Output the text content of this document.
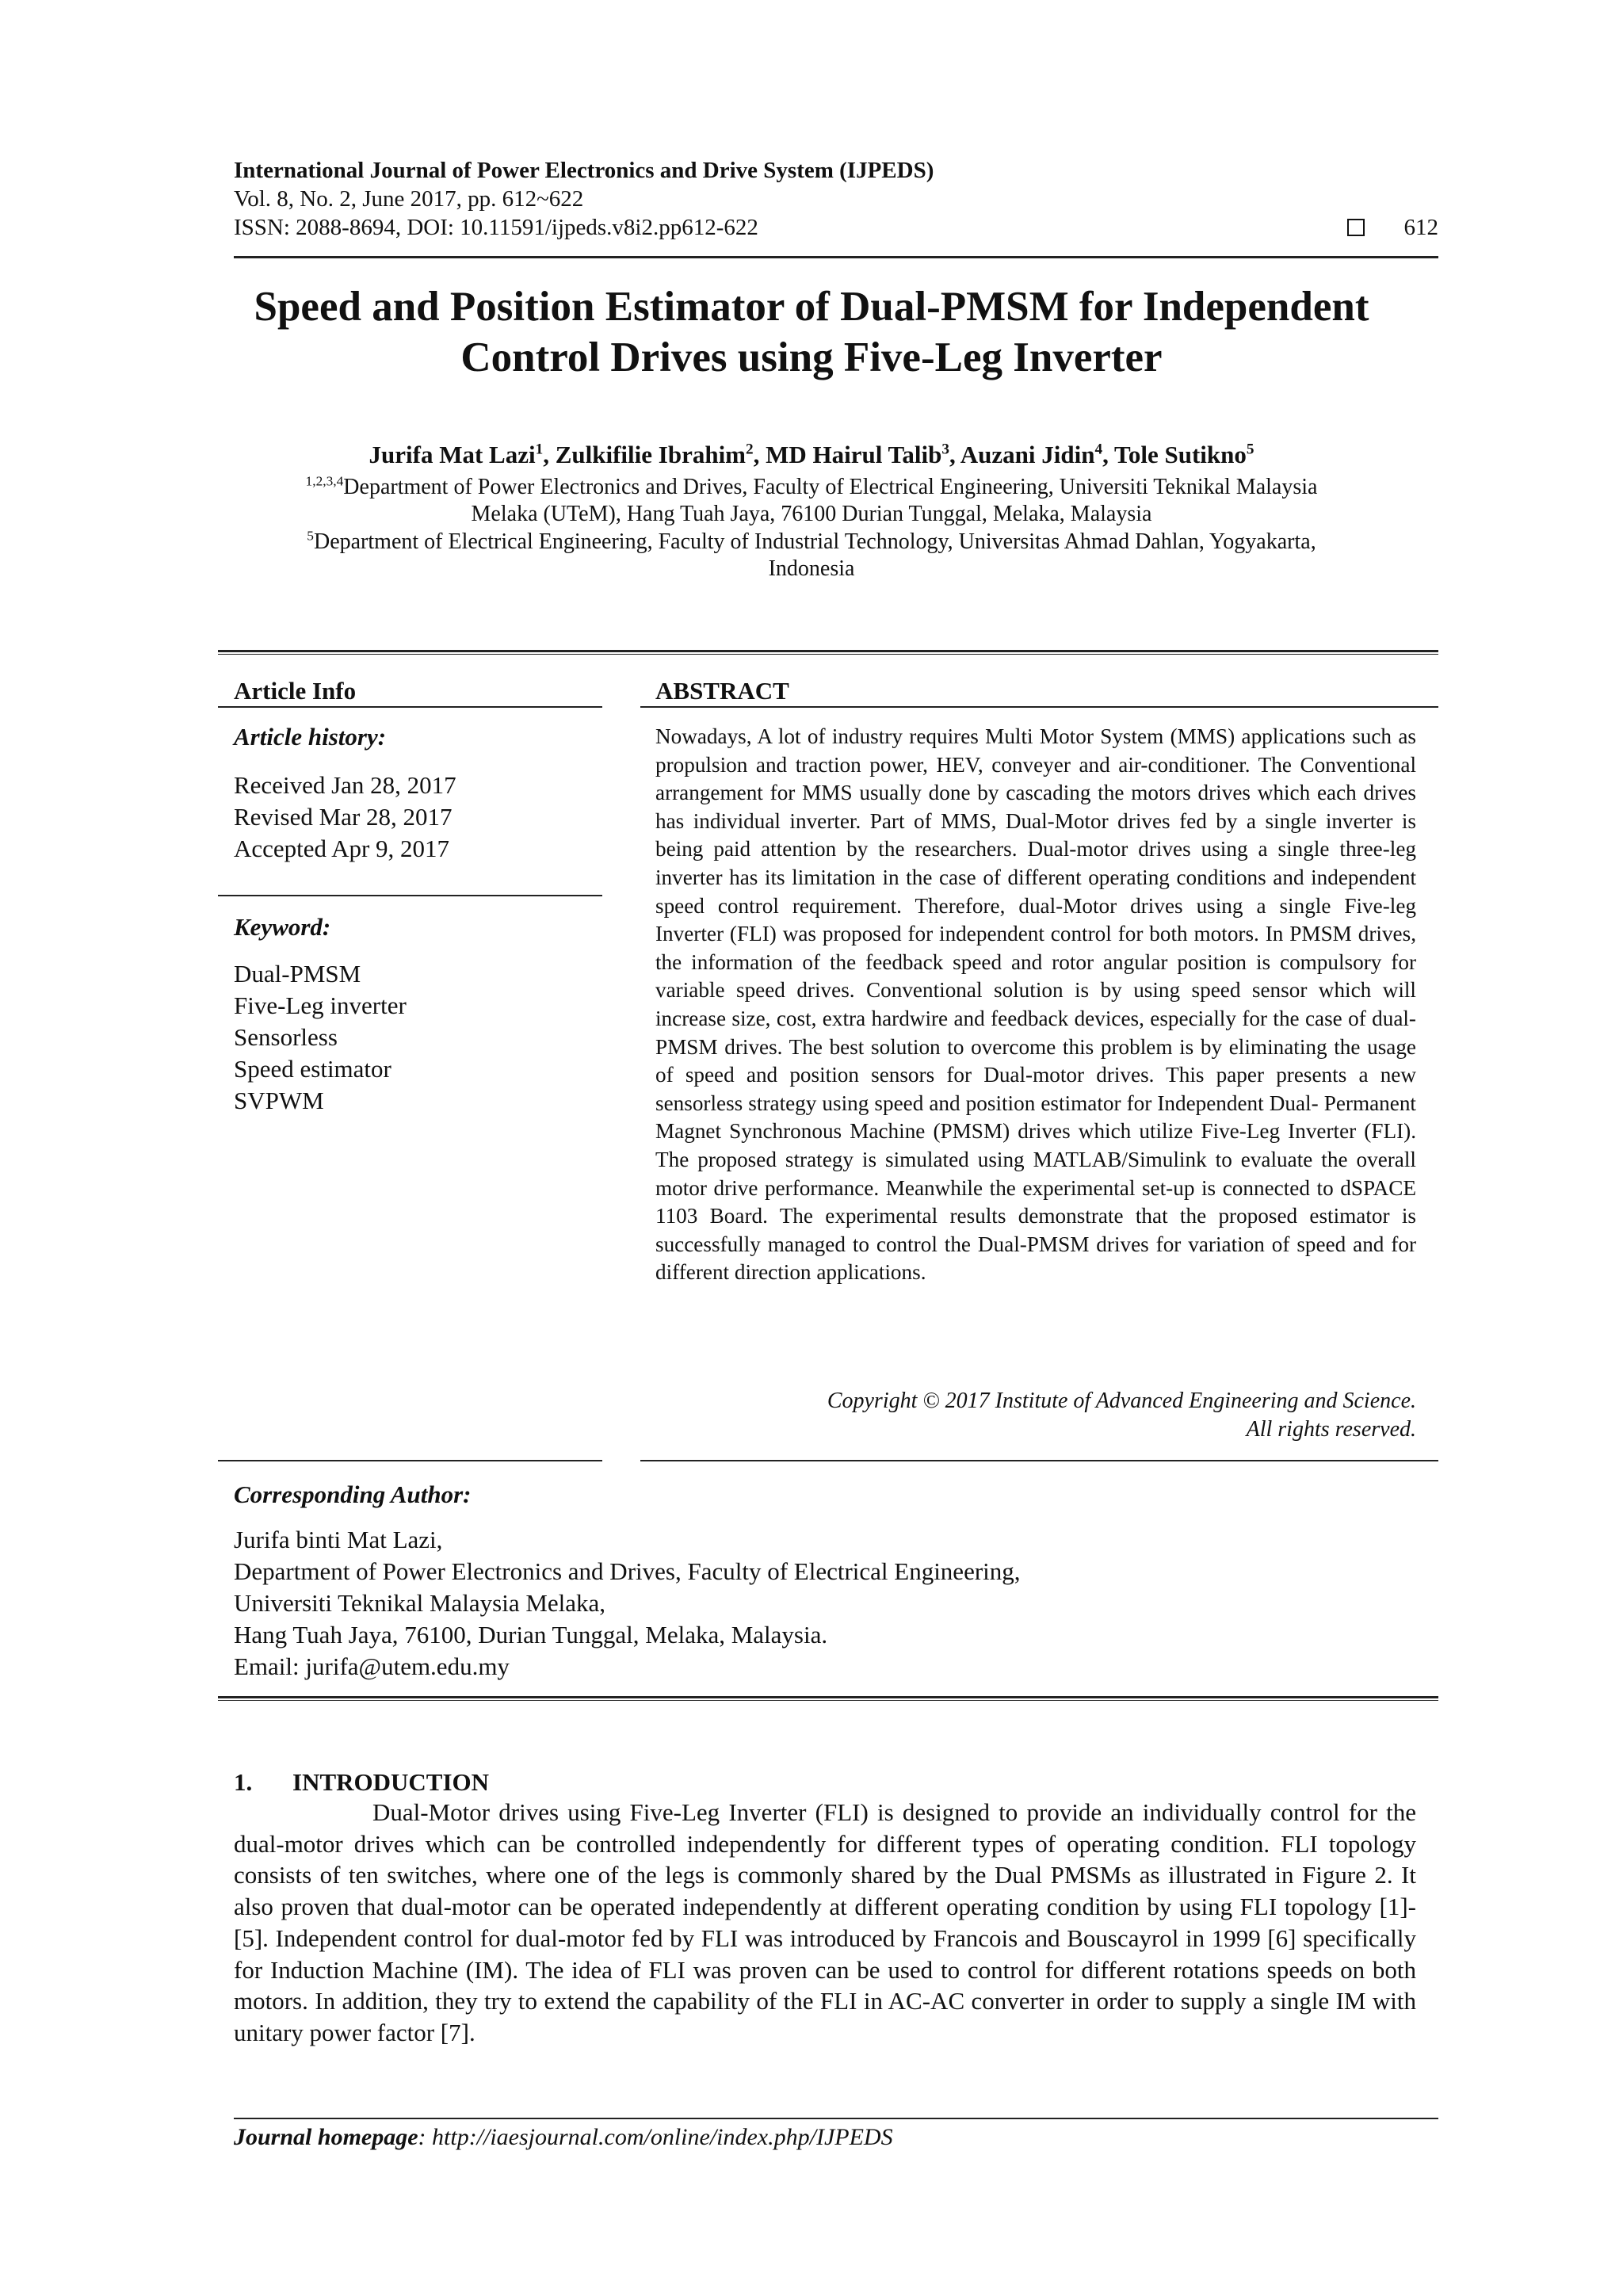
International Journal of Power Electronics and Drive System (IJPEDS)
Vol. 8, No. 2, June 2017, pp. 612~622
ISSN: 2088-8694, DOI: 10.11591/ijpeds.v8i2.pp612-622	612
Speed and Position Estimator of Dual-PMSM for Independent
Control Drives using Five-Leg Inverter
Jurifa Mat Lazi$^1$, Zulkifilie Ibrahim$^2$, MD Hairul Talib$^3$, Auzani Jidin$^4$, Tole Sutikno$^5$
$^{1,2,3,4}$Department of Power Electronics and Drives, Faculty of Electrical Engineering, Universiti Teknikal Malaysia
Melaka (UTeM), Hang Tuah Jaya, 76100 Durian Tunggal, Melaka, Malaysia
$^5$Department of Electrical Engineering, Faculty of Industrial Technology, Universitas Ahmad Dahlan, Yogyakarta,
Indonesia
Article Info	ABSTRACT
Article history:
Received Jan 28, 2017
Revised Mar 28, 2017
Accepted Apr 9, 2017
Keyword:
Dual-PMSM
Five-Leg inverter
Sensorless
Speed estimator
SVPWM
Nowadays, A lot of industry requires Multi Motor System (MMS) applications such as propulsion and traction power, HEV, conveyer and air-conditioner. The Conventional arrangement for MMS usually done by cascading the motors drives which each drives has individual inverter. Part of MMS, Dual-Motor drives fed by a single inverter is being paid attention by the researchers. Dual-motor drives using a single three-leg inverter has its limitation in the case of different operating conditions and independent speed control requirement. Therefore, dual-Motor drives using a single Five-leg Inverter (FLI) was proposed for independent control for both motors. In PMSM drives, the information of the feedback speed and rotor angular position is compulsory for variable speed drives. Conventional solution is by using speed sensor which will increase size, cost, extra hardwire and feedback devices, especially for the case of dual-PMSM drives. The best solution to overcome this problem is by eliminating the usage of speed and position sensors for Dual-motor drives. This paper presents a new sensorless strategy using speed and position estimator for Independent Dual- Permanent Magnet Synchronous Machine (PMSM) drives which utilize Five-Leg Inverter (FLI). The proposed strategy is simulated using MATLAB/Simulink to evaluate the overall motor drive performance. Meanwhile the experimental set-up is connected to dSPACE 1103 Board. The experimental results demonstrate that the proposed estimator is successfully managed to control the Dual-PMSM drives for variation of speed and for different direction applications.
Copyright © 2017 Institute of Advanced Engineering and Science.
All rights reserved.
Corresponding Author:
Jurifa binti Mat Lazi,
Department of Power Electronics and Drives, Faculty of Electrical Engineering,
Universiti Teknikal Malaysia Melaka,
Hang Tuah Jaya, 76100, Durian Tunggal, Melaka, Malaysia.
Email: jurifa@utem.edu.my
1. INTRODUCTION
Dual-Motor drives using Five-Leg Inverter (FLI) is designed to provide an individually control for the dual-motor drives which can be controlled independently for different types of operating condition. FLI topology consists of ten switches, where one of the legs is commonly shared by the Dual PMSMs as illustrated in Figure 2. It also proven that dual-motor can be operated independently at different operating condition by using FLI topology [1]-[5]. Independent control for dual-motor fed by FLI was introduced by Francois and Bouscayrol in 1999 [6] specifically for Induction Machine (IM). The idea of FLI was proven can be used to control for different rotations speeds on both motors. In addition, they try to extend the capability of the FLI in AC-AC converter in order to supply a single IM with unitary power factor [7].
Journal homepage: http://iaesjournal.com/online/index.php/IJPEDS
